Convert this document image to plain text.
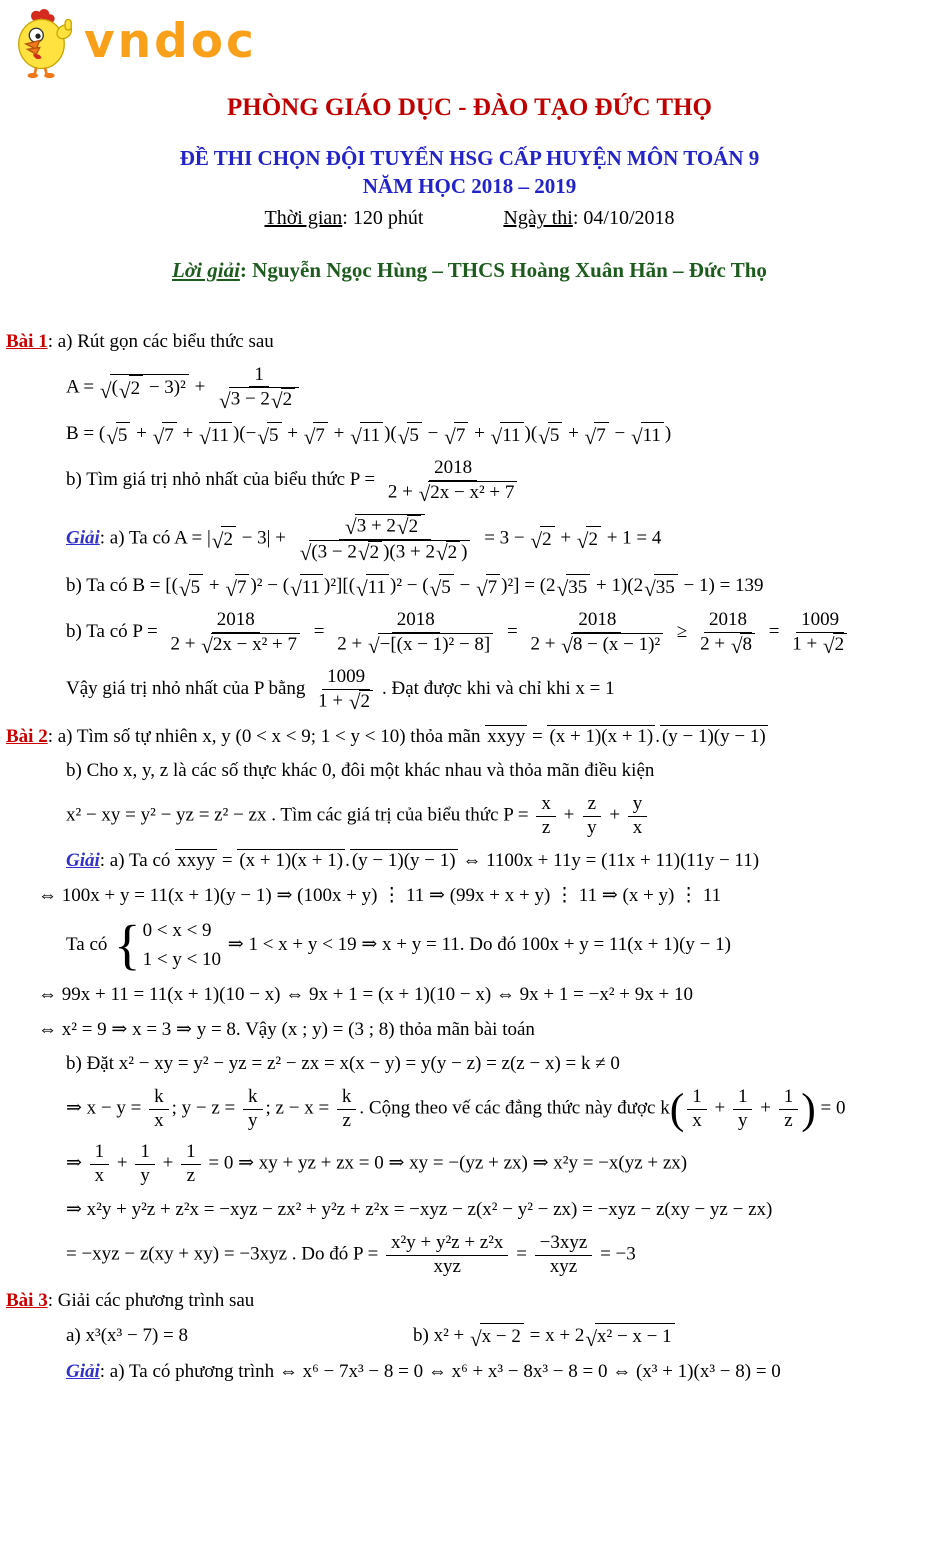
vndoc
PHÒNG GIÁO DỤC - ĐÀO TẠO ĐỨC THỌ
ĐỀ THI CHỌN ĐỘI TUYỂN HSG CẤP HUYỆN MÔN TOÁN 9
NĂM HỌC 2018 – 2019
Thời gian: 120 phút	Ngày thi: 04/10/2018
Lời giải: Nguyễn Ngọc Hùng – THCS Hoàng Xuân Hãn – Đức Thọ
Bài 1: a) Rút gọn các biểu thức sau
A = √ ( √ $2 - 3)^2 + \frac{1}{√ 3 - 2 √ 2}$
B = ( √ 5 + √ 7 + √ 11 )(− √ 5 + √ 7 + √ 11 )( √ 5 − √ 7 + √ 11 )( √ 5 + √ 7 − √ 11 )
b) Tìm giá trị nhỏ nhất của biểu thức $P = \frac{2018}{\text{2 + √ 2x − x² + 7}}$
Giải: a) Ta có A = | √ $2 - 3| + \frac{√ 3 + 2 √ 2}{√ (3 - 2 √ 2 )(3 + 2 √ 2 )} = 3$ − √ 2 + √ 2 + 1 = 4
b) Ta có B = [( √ 5 + √ 7 )² − ( √ 11 )²][( √ 11 )² − ( √ 5 − √ 7 )²] = (2 √ 35 + 1)(2 √ 35 − 1) = 139
b) Ta có $P = \frac{2018}{\text{2 + √ 2x − x² + 7}} = \frac{2018}{\text{2 + √ −[(x − 1)² − 8]}} = \frac{2018}{\text{2 + √ 8 − (x − 1)²}} \ge \frac{2018}{2 + √ 8} = \frac{1009}{1 + √ 2}$
Vậy giá trị nhỏ nhất của P bằng $\frac{1009}{1 + √ 2}$ . Đạt được khi và chỉ khi x = 1
Bài 2: a) Tìm số tự nhiên x, y (0 < x < 9; 1 < y < 10) thỏa mãn xxyy = (x + 1)(x + 1) . (y − 1)(y − 1)
b) Cho x, y, z là các số thực khác 0, đôi một khác nhau và thỏa mãn điều kiện
x² − xy = y² − yz = z² − zx . Tìm các giá trị của biểu thức $P = \frac{x}{z} + \frac{z}{y} + \frac{y}{x}$
Giải: a) Ta có xxyy = (x + 1)(x + 1) . (y − 1)(y − 1) ⇔ 1100x + 11y = (11x + 11)(11y − 11)
⇔ 100x + y = 11(x + 1)(y − 1) ⇒ (100x + y) ⋮ 11 ⇒ (99x + x + y) ⋮ 11 ⇒ (x + y) ⋮ 11
Ta có { 0 < x < 9
1 < y < 10
⇒ 1 < x + y < 19 ⇒ x + y = 11. Do đó 100x + y = 11(x + 1)(y − 1)
⇔ 99x + 11 = 11(x + 1)(10 − x) ⇔ 9x + 1 = (x + 1)(10 − x) ⇔ 9x + 1 = −x² + 9x + 10
⇔ x² = 9 ⇒ x = 3 ⇒ y = 8. Vậy (x ; y) = (3 ; 8) thỏa mãn bài toán
b) Đặt x² − xy = y² − yz = z² − zx = x(x − y) = y(y − z) = z(z − x) = k ≠ 0
⇒ $x - y = \frac{k}{x}$ ; $y - z = \frac{k}{y}$ ; $z - x = \frac{k}{z}$ . Cộng theo vế các đẳng thức này được k ( $\frac{1}{x} + \frac{1}{y} + \frac{1}{z}$ ) = 0
⇒ $\frac{1}{x} + \frac{1}{y} + \frac{1}{z} = 0$ ⇒ xy + yz + zx = 0 ⇒ xy = −(yz + zx) ⇒ x²y = −x(yz + zx)
⇒ x²y + y²z + z²x = −xyz − zx² + y²z + z²x = −xyz − z(x² − y² − zx) = −xyz − z(xy − yz − zx)
= −xyz − z(xy + xy) = −3xyz . Do đó $P = \frac{\text{x²y + y²z + z²x}}{\text{xyz}} = \frac{\text{−3xyz}}{\text{xyz}} = -3$
Bài 3: Giải các phương trình sau
a) x³(x³ − 7) = 8	b) x² + √ x − 2 = x + 2 √ x² − x − 1
Giải: a) Ta có phương trình ⇔ x⁶ − 7x³ − 8 = 0 ⇔ x⁶ + x³ − 8x³ − 8 = 0 ⇔ (x³ + 1)(x³ − 8) = 0
